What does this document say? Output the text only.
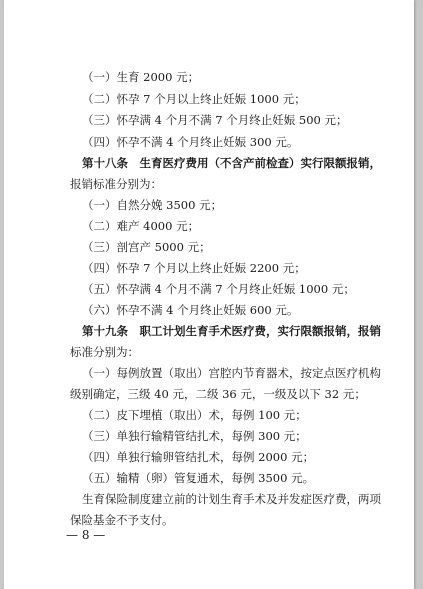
（一）生育 2000 元；
（二）怀孕 7 个月以上终止妊娠 1000 元；
（三）怀孕满 4 个月不满 7 个月终止妊娠 500 元；
（四）怀孕不满 4 个月终止妊娠 300 元。
第十八条　生育医疗费用（不含产前检查）实行限额报销，
报销标准分别为：
（一）自然分娩 3500 元；
（二）难产 4000 元；
（三）剖宫产 5000 元；
（四）怀孕 7 个月以上终止妊娠 2200 元；
（五）怀孕满 4 个月不满 7 个月终止妊娠 1000 元；
（六）怀孕不满 4 个月终止妊娠 600 元。
第十九条　职工计划生育手术医疗费，实行限额报销，报销
标准分别为：
（一）每例放置（取出）宫腔内节育器术，按定点医疗机构
级别确定，三级 40 元，二级 36 元，一级及以下 32 元；
（二）皮下埋植（取出）术，每例 100 元；
（三）单独行输精管结扎术，每例 300 元；
（四）单独行输卵管结扎术，每例 2000 元；
（五）输精（卵）管复通术，每例 3500 元。
生育保险制度建立前的计划生育手术及并发症医疗费，两项
保险基金不予支付。
— 8 —
